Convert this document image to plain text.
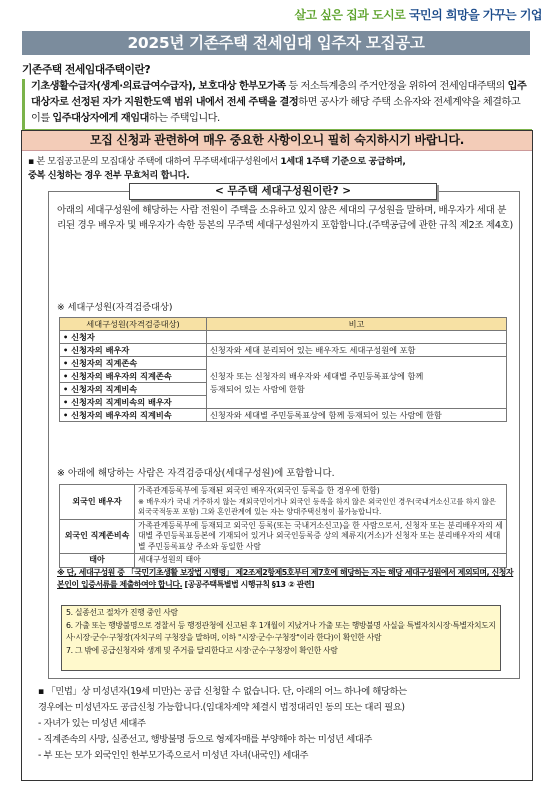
살고 싶은 집과 도시로 국민의 희망을 가꾸는 기업
2025년 기존주택 전세임대 입주자 모집공고
기존주택 전세임대주택이란?
기초생활수급자(생계·의료급여수급자), 보호대상 한부모가족 등 저소득계층의 주거안정을 위하여 전세임대주택의 입주대상자로 선정된 자가 지원한도액 범위 내에서 전세 주택을 결정하면 공사가 해당 주택 소유자와 전세계약을 체결하고 이를 입주대상자에게 재임대하는 주택입니다.
모집 신청과 관련하여 매우 중요한 사항이오니 필히 숙지하시기 바랍니다.
▪ 본 모집공고문의 모집대상 주택에 대하여 무주택세대구성원에서 1세대 1주택 기준으로 공급하며,
중복 신청하는 경우 전부 무효처리 합니다.
< 무주택 세대구성원이란? >
아래의 세대구성원에 해당하는 사람 전원이 주택을 소유하고 있지 않은 세대의 구성원을 말하며, 배우자가 세대 분리된 경우 배우자 및 배우자가 속한 등본의 무주택 세대구성원까지 포함합니다.(주택공급에 관한 규칙 제2조 제4호)
※ 세대구성원(자격검증대상)
세대구성원(자격검증대상)	비고
• 신청자	
• 신청자의 배우자	신청자와 세대 분리되어 있는 배우자도 세대구성원에 포함
• 신청자의 직계존속	신청자 또는 신청자의 배우자와 세대별 주민등록표상에 함께
등재되어 있는 사람에 한함
• 신청자의 배우자의 직계존속	
• 신청자의 직계비속	
• 신청자의 직계비속의 배우자	
• 신청자의 배우자의 직계비속	신청자와 세대별 주민등록표상에 함께 등재되어 있는 사람에 한함
※ 아래에 해당하는 사람은 자격검증대상(세대구성원)에 포함합니다.
외국인 배우자	가족관계등록부에 등재된 외국인 배우자(외국인 등록을 한 경우에 한함)
※ 배우자가 국내 거주하지 않는 재외국민이거나 외국인 등록을 하지 않은 외국인인 경우(국내거소신고를 하지 않은 외국국적동포 포함) 그와 혼인관계에 있는 자는 양대주택신청이 불가능합니다.
외국인 직계존비속	가족관계등록부에 등재되고 외국인 등록(또는 국내거소신고)을 한 사람으로서, 신청자 또는 분리배우자의 세대별 주민등록표등본에 기재되어 있거나 외국인등록증 상의 체류지(거소)가 신청자 또는 분리배우자의 세대별 주민등록표상 주소와 동일한 사람
태아	세대구성원의 태아
※ 단, 세대구성원 중 「국민기초생활 보장법 시행령」 제2조제2항제5호부터 제7호에 해당하는 자는 해당 세대구성원에서 제외되며, 신청자 본인이 입증서류를 제출하여야 합니다. [공공주택특별법 시행규칙 §13 ② 관련]
5. 실종선고 절차가 진행 중인 사람
6. 가출 또는 행방불명으로 경찰서 등 행정관청에 신고된 후 1개월이 지났거나 가출 또는 행방불명 사실을 특별자치시장·특별자치도지사·시장·군수·구청장(자치구의 구청장을 말하며, 이하 "시장·군수·구청장"이라 한다)이 확인한 사람
7. 그 밖에 공급신청자와 생계 및 주거를 달리한다고 시장·군수·구청장이 확인한 사람
▪ 「민법」상 미성년자(19세 미만)는 공급 신청할 수 없습니다. 단, 아래의 어느 하나에 해당하는
경우에는 미성년자도 공급신청 가능합니다.(임대차계약 체결시 법정대리인 동의 또는 대리 필요)
- 자녀가 있는 미성년 세대주
- 직계존속의 사망, 실종선고, 행방불명 등으로 형제자매를 부양해야 하는 미성년 세대주
- 부 또는 모가 외국인인 한부모가족으로서 미성년 자녀(내국인) 세대주
